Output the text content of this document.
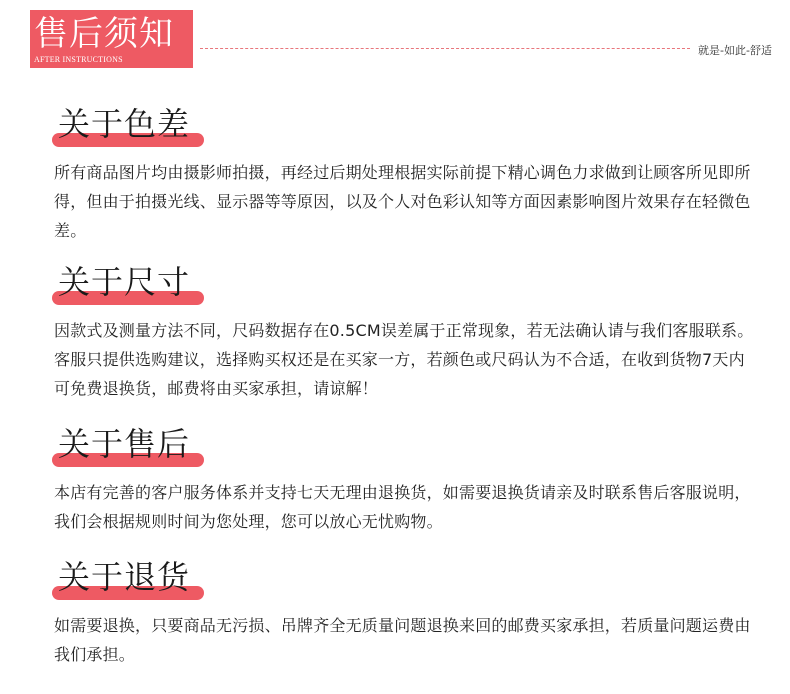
售后须知
AFTER INSTRUCTIONS
就是-如此-舒适
关于色差

所有商品图片均由摄影师拍摄，再经过后期处理根据实际前提下精心调色力求做到让顾客所见即所得，但由于拍摄光线、显示器等等原因，以及个人对色彩认知等方面因素影响图片效果存在轻微色差。

关于尺寸

因款式及测量方法不同，尺码数据存在0.5CM误差属于正常现象，若无法确认请与我们客服联系。客服只提供选购建议，选择购买权还是在买家一方，若颜色或尺码认为不合适，在收到货物7天内可免费退换货，邮费将由买家承担，请谅解！

关于售后

本店有完善的客户服务体系并支持七天无理由退换货，如需要退换货请亲及时联系售后客服说明，我们会根据规则时间为您处理，您可以放心无忧购物。

关于退货

如需要退换，只要商品无污损、吊牌齐全无质量问题退换来回的邮费买家承担，若质量问题运费由我们承担。
